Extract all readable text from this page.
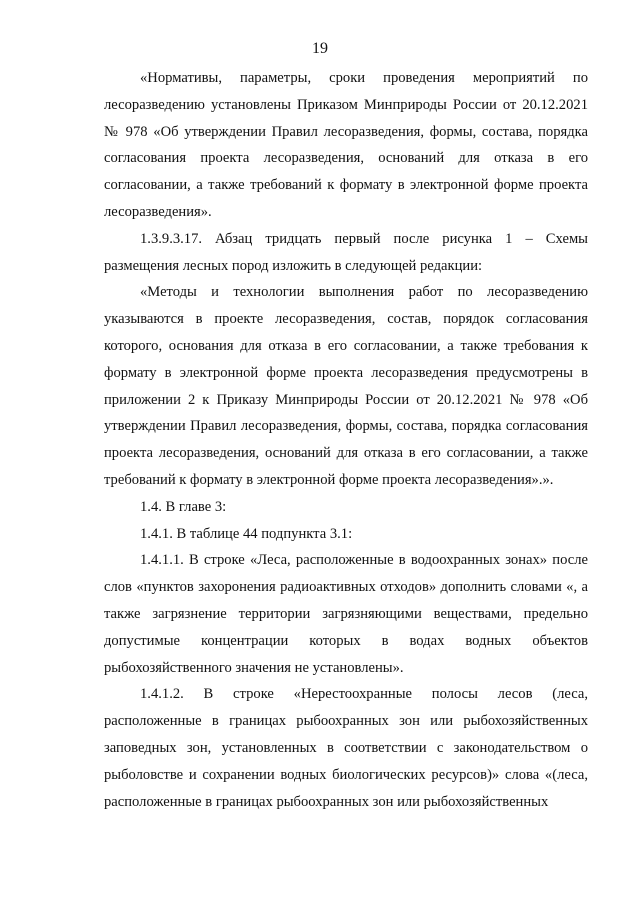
19

«Нормативы, параметры, сроки проведения мероприятий по лесоразведению установлены Приказом Минприроды России от 20.12.2021 № 978 «Об утверждении Правил лесоразведения, формы, состава, порядка согласования проекта лесоразведения, оснований для отказа в его согласовании, а также требований к формату в электронной форме проекта лесоразведения».

1.3.9.3.17. Абзац тридцать первый после рисунка 1 – Схемы размещения лесных пород изложить в следующей редакции:

«Методы и технологии выполнения работ по лесоразведению указываются в проекте лесоразведения, состав, порядок согласования которого, основания для отказа в его согласовании, а также требования к формату в электронной форме проекта лесоразведения предусмотрены в приложении 2 к Приказу Минприроды России от 20.12.2021 № 978 «Об утверждении Правил лесоразведения, формы, состава, порядка согласования проекта лесоразведения, оснований для отказа в его согласовании, а также требований к формату в электронной форме проекта лесоразведения».».

1.4. В главе 3:

1.4.1. В таблице 44 подпункта 3.1:

1.4.1.1. В строке «Леса, расположенные в водоохранных зонах» после слов «пунктов захоронения радиоактивных отходов» дополнить словами «, а также загрязнение территории загрязняющими веществами, предельно допустимые концентрации которых в водах водных объектов рыбохозяйственного значения не установлены».

1.4.1.2. В строке «Нерестоохранные полосы лесов (леса, расположенные в границах рыбоохранных зон или рыбохозяйственных заповедных зон, установленных в соответствии с законодательством о рыболовстве и сохранении водных биологических ресурсов)» слова «(леса, расположенные в границах рыбоохранных зон или рыбохозяйственных
